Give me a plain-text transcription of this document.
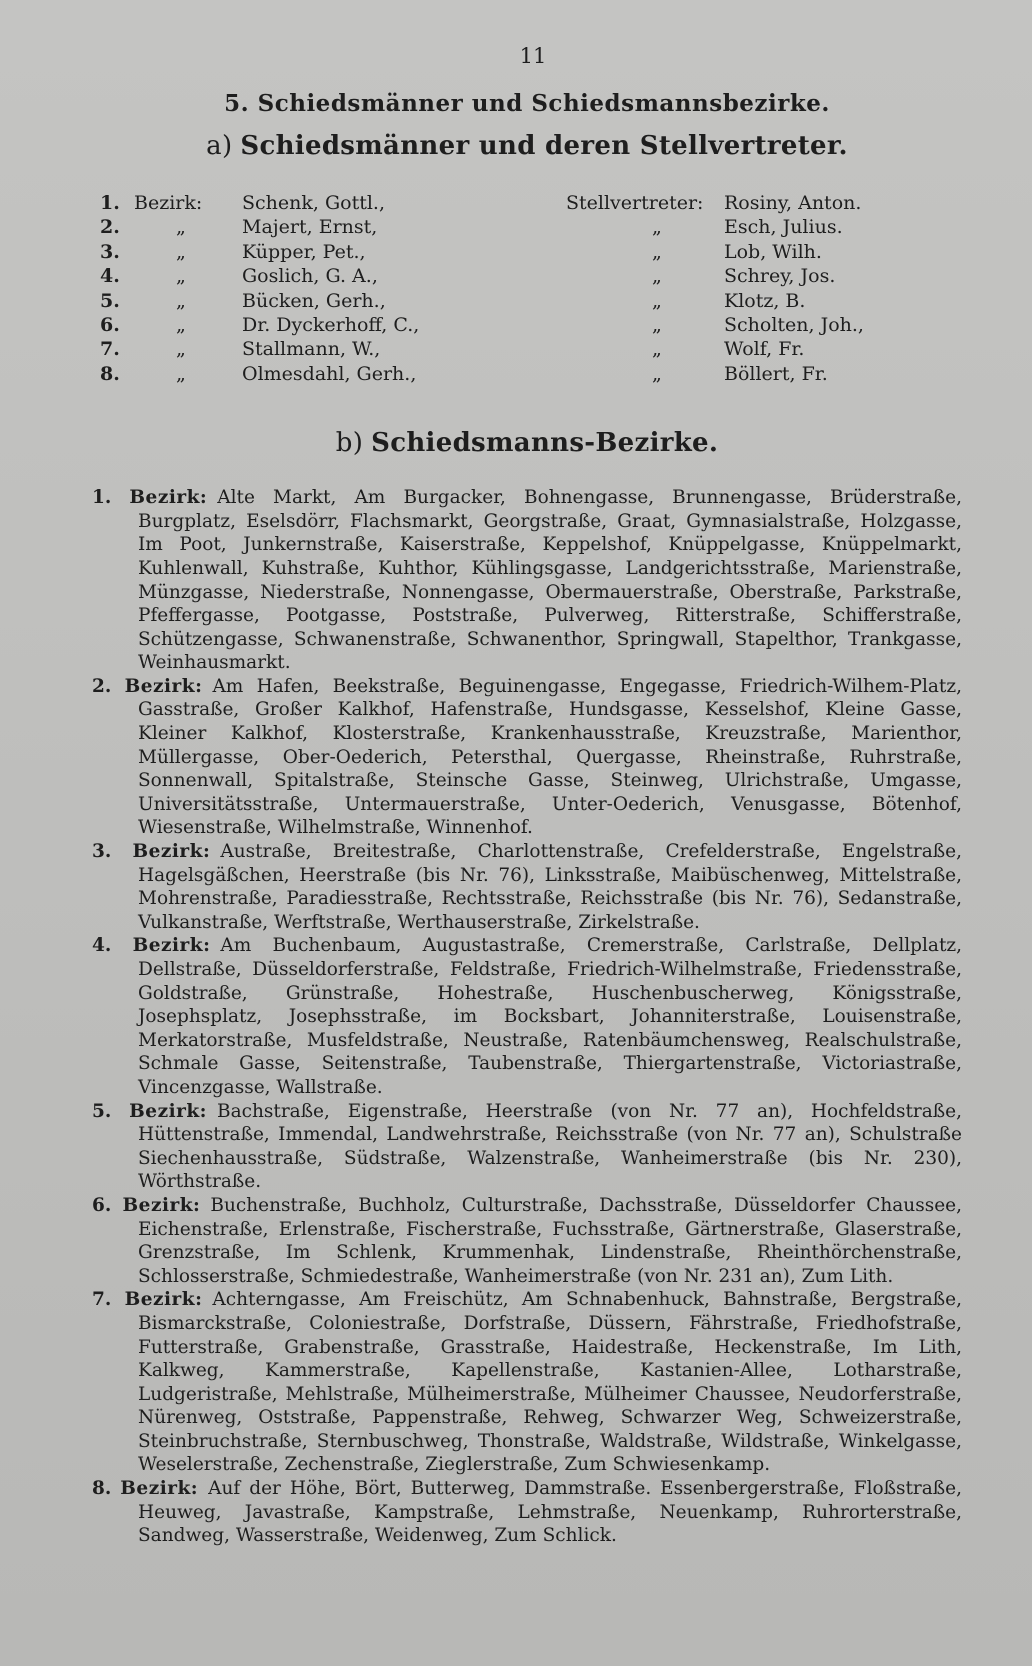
11
5. Schiedsmänner und Schiedsmannsbezirke.
a) Schiedsmänner und deren Stellvertreter.
1. Bezirk: Schenk, Gottl.,	Stellvertreter: Rosiny, Anton.
2.	„	Majert, Ernst,	„	Esch, Julius.
3.	„	Küpper, Pet.,	„	Lob, Wilh.
4.	„	Goslich, G. A.,	„	Schrey, Jos.
5.	„	Bücken, Gerh.,	„	Klotz, B.
6.	„	Dr. Dyckerhoff, C.,	„	Scholten, Joh.,
7.	„	Stallmann, W.,	„	Wolf, Fr.
8.	„	Olmesdahl, Gerh.,	„	Böllert, Fr.
b) Schiedsmanns-Bezirke.

1. Bezirk: Alte Markt, Am Burgacker, Bohnengasse, Brunnengasse, Brüderstraße, Burgplatz, Eselsdörr, Flachsmarkt, Georgstraße, Graat, Gymnasialstraße, Holzgasse, Im Poot, Junkernstraße, Kaiserstraße, Keppelshof, Knüppelgasse, Knüppelmarkt, Kuhlenwall, Kuhstraße, Kuhthor, Kühlingsgasse, Landgerichtsstraße, Marienstraße, Münzgasse, Niederstraße, Nonnengasse, Obermauerstraße, Oberstraße, Parkstraße, Pfeffergasse, Pootgasse, Poststraße, Pulverweg, Ritterstraße, Schifferstraße, Schützengasse, Schwanenstraße, Schwanenthor, Springwall, Stapelthor, Trankgasse, Weinhausmarkt.

2. Bezirk: Am Hafen, Beekstraße, Beguinengasse, Engegasse, Friedrich-Wilhem-Platz, Gasstraße, Großer Kalkhof, Hafenstraße, Hundsgasse, Kesselshof, Kleine Gasse, Kleiner Kalkhof, Klosterstraße, Krankenhausstraße, Kreuzstraße, Marienthor, Müllergasse, Ober-Oederich, Petersthal, Quergasse, Rheinstraße, Ruhrstraße, Sonnenwall, Spitalstraße, Steinsche Gasse, Steinweg, Ulrichstraße, Umgasse, Universitätsstraße, Untermauerstraße, Unter-Oederich, Venusgasse, Bötenhof, Wiesenstraße, Wilhelmstraße, Winnenhof.

3. Bezirk: Austraße, Breitestraße, Charlottenstraße, Crefelderstraße, Engelstraße, Hagelsgäßchen, Heerstraße (bis Nr. 76), Linksstraße, Maibüschenweg, Mittelstraße, Mohrenstraße, Paradiesstraße, Rechtsstraße, Reichsstraße (bis Nr. 76), Sedanstraße, Vulkanstraße, Werftstraße, Werthauserstraße, Zirkelstraße.

4. Bezirk: Am Buchenbaum, Augustastraße, Cremerstraße, Carlstraße, Dellplatz, Dellstraße, Düsseldorferstraße, Feldstraße, Friedrich-Wilhelmstraße, Friedensstraße, Goldstraße, Grünstraße, Hohestraße, Huschenbuscherweg, Königsstraße, Josephsplatz, Josephsstraße, im Bocksbart, Johanniterstraße, Louisenstraße, Merkatorstraße, Musfeldstraße, Neustraße, Ratenbäumchensweg, Realschulstraße, Schmale Gasse, Seitenstraße, Taubenstraße, Thiergartenstraße, Victoriastraße, Vincenzgasse, Wallstraße.

5. Bezirk: Bachstraße, Eigenstraße, Heerstraße (von Nr. 77 an), Hochfeldstraße, Hüttenstraße, Immendal, Landwehrstraße, Reichsstraße (von Nr. 77 an), Schulstraße Siechenhausstraße, Südstraße, Walzenstraße, Wanheimerstraße (bis Nr. 230), Wörthstraße.

6. Bezirk: Buchenstraße, Buchholz, Culturstraße, Dachsstraße, Düsseldorfer Chaussee, Eichenstraße, Erlenstraße, Fischerstraße, Fuchsstraße, Gärtnerstraße, Glaserstraße, Grenzstraße, Im Schlenk, Krummenhak, Lindenstraße, Rheinthörchenstraße, Schlosserstraße, Schmiedestraße, Wanheimerstraße (von Nr. 231 an), Zum Lith.

7. Bezirk: Achterngasse, Am Freischütz, Am Schnabenhuck, Bahnstraße, Bergstraße, Bismarckstraße, Coloniestraße, Dorfstraße, Düssern, Fährstraße, Friedhofstraße, Futterstraße, Grabenstraße, Grasstraße, Haidestraße, Heckenstraße, Im Lith, Kalkweg, Kammerstraße, Kapellenstraße, Kastanien-Allee, Lotharstraße, Ludgeristraße, Mehlstraße, Mülheimerstraße, Mülheimer Chaussee, Neudorferstraße, Nürenweg, Oststraße, Pappenstraße, Rehweg, Schwarzer Weg, Schweizerstraße, Steinbruchstraße, Sternbuschweg, Thonstraße, Waldstraße, Wildstraße, Winkelgasse, Weselerstraße, Zechenstraße, Zieglerstraße, Zum Schwiesenkamp.

8. Bezirk: Auf der Höhe, Bört, Butterweg, Dammstraße. Essenbergerstraße, Floßstraße, Heuweg, Javastraße, Kampstraße, Lehmstraße, Neuenkamp, Ruhrorterstraße, Sandweg, Wasserstraße, Weidenweg, Zum Schlick.
